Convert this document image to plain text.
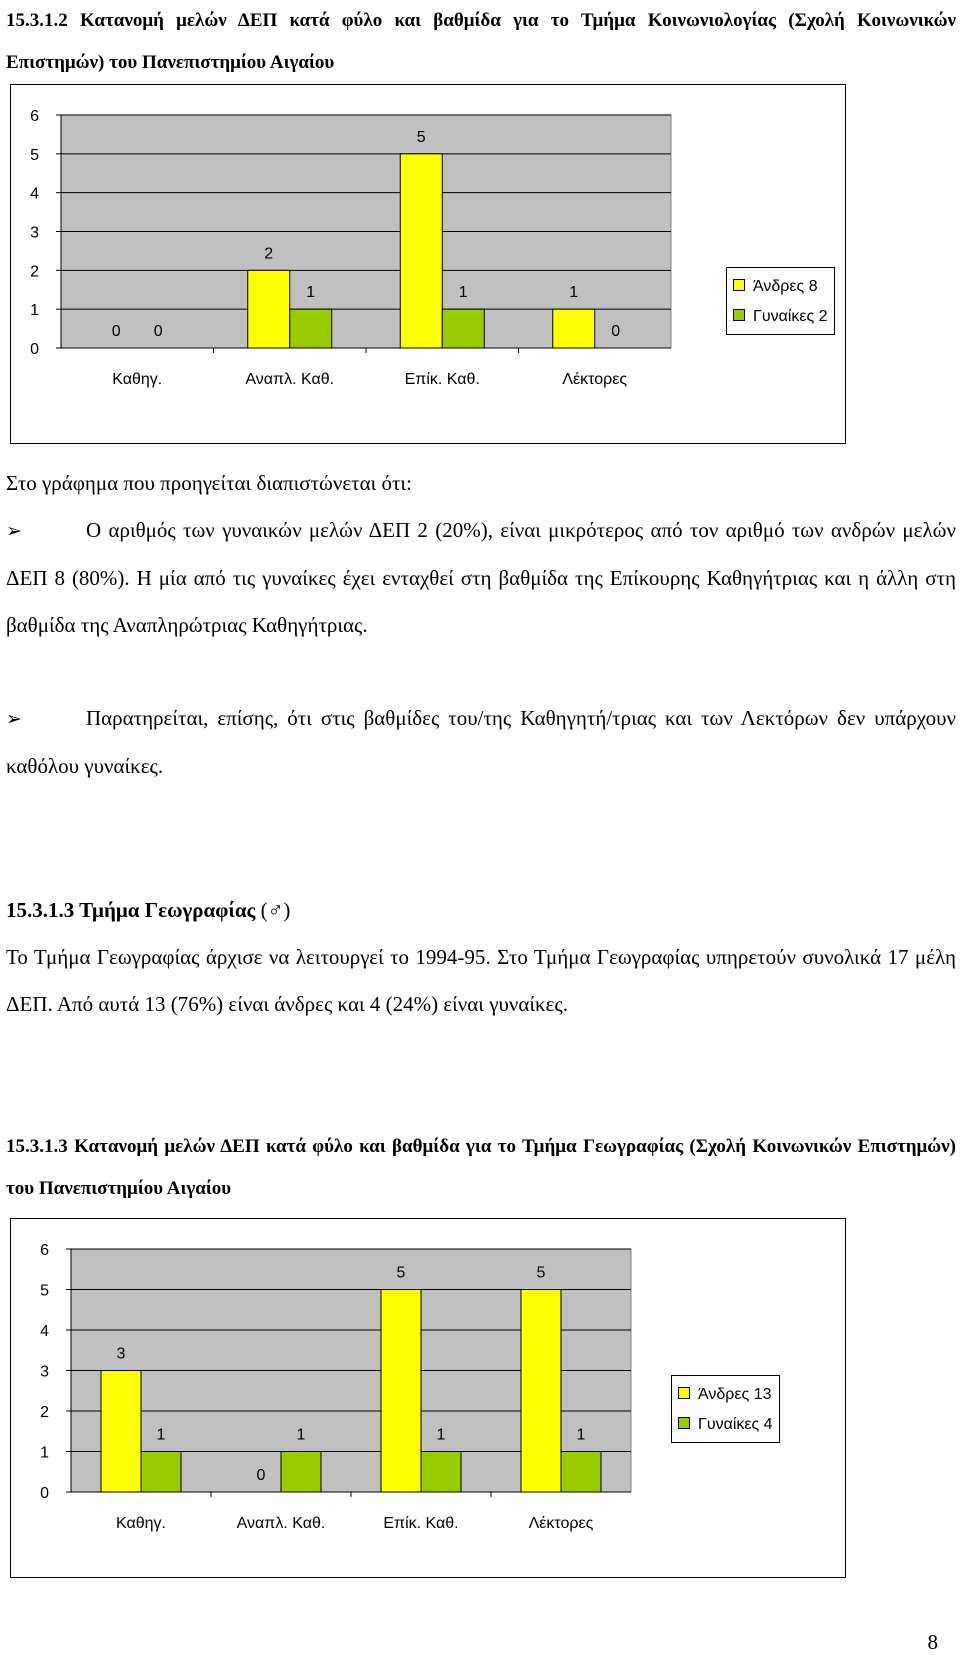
15.3.1.2 Κατανομή μελών ΔΕΠ κατά φύλο και βαθμίδα για το Τμήμα Κοινωνιολογίας (Σχολή Κοινωνικών Επιστημών) του Πανεπιστημίου Αιγαίου

0
1
2
3
4
5
6
0 0
Καθηγ.
2
1
Αναπλ. Καθ.
5
1
Επίκ. Καθ.
1
0
Λέκτορες
Άνδρες 8
Γυναίκες 2

Στο γράφημα που προηγείται διαπιστώνεται ότι:

➢	Ο αριθμός των γυναικών μελών ΔΕΠ 2 (20%), είναι μικρότερος από τον αριθμό των ανδρών μελών ΔΕΠ 8 (80%). Η μία από τις γυναίκες έχει ενταχθεί στη βαθμίδα της Επίκουρης Καθηγήτριας και η άλλη στη βαθμίδα της Αναπληρώτριας Καθηγήτριας.

➢	Παρατηρείται, επίσης, ότι στις βαθμίδες του/της Καθηγητή/τριας και των Λεκτόρων δεν υπάρχουν καθόλου γυναίκες.

15.3.1.3 Τμήμα Γεωγραφίας (♂)

Το Τμήμα Γεωγραφίας άρχισε να λειτουργεί το 1994-95. Στο Τμήμα Γεωγραφίας υπηρετούν συνολικά 17 μέλη ΔΕΠ. Από αυτά 13 (76%) είναι άνδρες και 4 (24%) είναι γυναίκες.

15.3.1.3 Κατανομή μελών ΔΕΠ κατά φύλο και βαθμίδα για το Τμήμα Γεωγραφίας (Σχολή Κοινωνικών Επιστημών) του Πανεπιστημίου Αιγαίου

0
1
2
3
4
5
6
3
1
Καθηγ.
0
1
Αναπλ. Καθ.
5
1
Επίκ. Καθ.
5
1
Λέκτορες
Άνδρες 13
Γυναίκες 4
8
